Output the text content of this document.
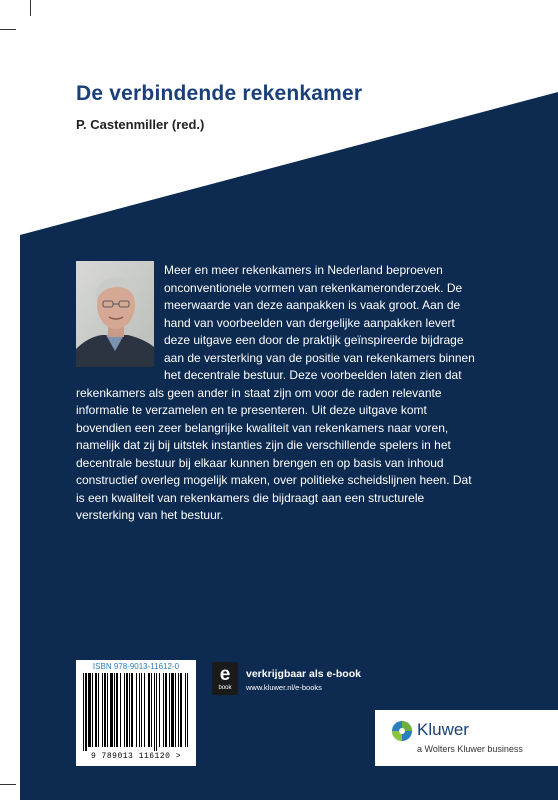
De verbindende rekenkamer
P. Castenmiller (red.)
Meer en meer rekenkamers in Nederland beproeven onconventionele vormen van rekenkameronderzoek. De meerwaarde van deze aanpakken is vaak groot. Aan de hand van voorbeelden van dergelijke aanpakken levert deze uitgave een door de praktijk geïnspireerde bijdrage aan de versterking van de positie van rekenkamers binnen het decentrale bestuur. Deze voorbeelden laten zien dat rekenkamers als geen ander in staat zijn om voor de raden relevante informatie te verzamelen en te presenteren. Uit deze uitgave komt bovendien een zeer belangrijke kwaliteit van rekenkamers naar voren, namelijk dat zij bij uitstek instanties zijn die verschillende spelers in het decentrale bestuur bij elkaar kunnen brengen en op basis van inhoud constructief overleg mogelijk maken, over politieke scheidslijnen heen. Dat is een kwaliteit van rekenkamers die bijdraagt aan een structurele versterking van het bestuur.
ISBN 978-9013-11612-0
9 789013 116120 >
e
book
verkrijgbaar als e-book
www.kluwer.nl/e-books
Kluwer
a Wolters Kluwer business
